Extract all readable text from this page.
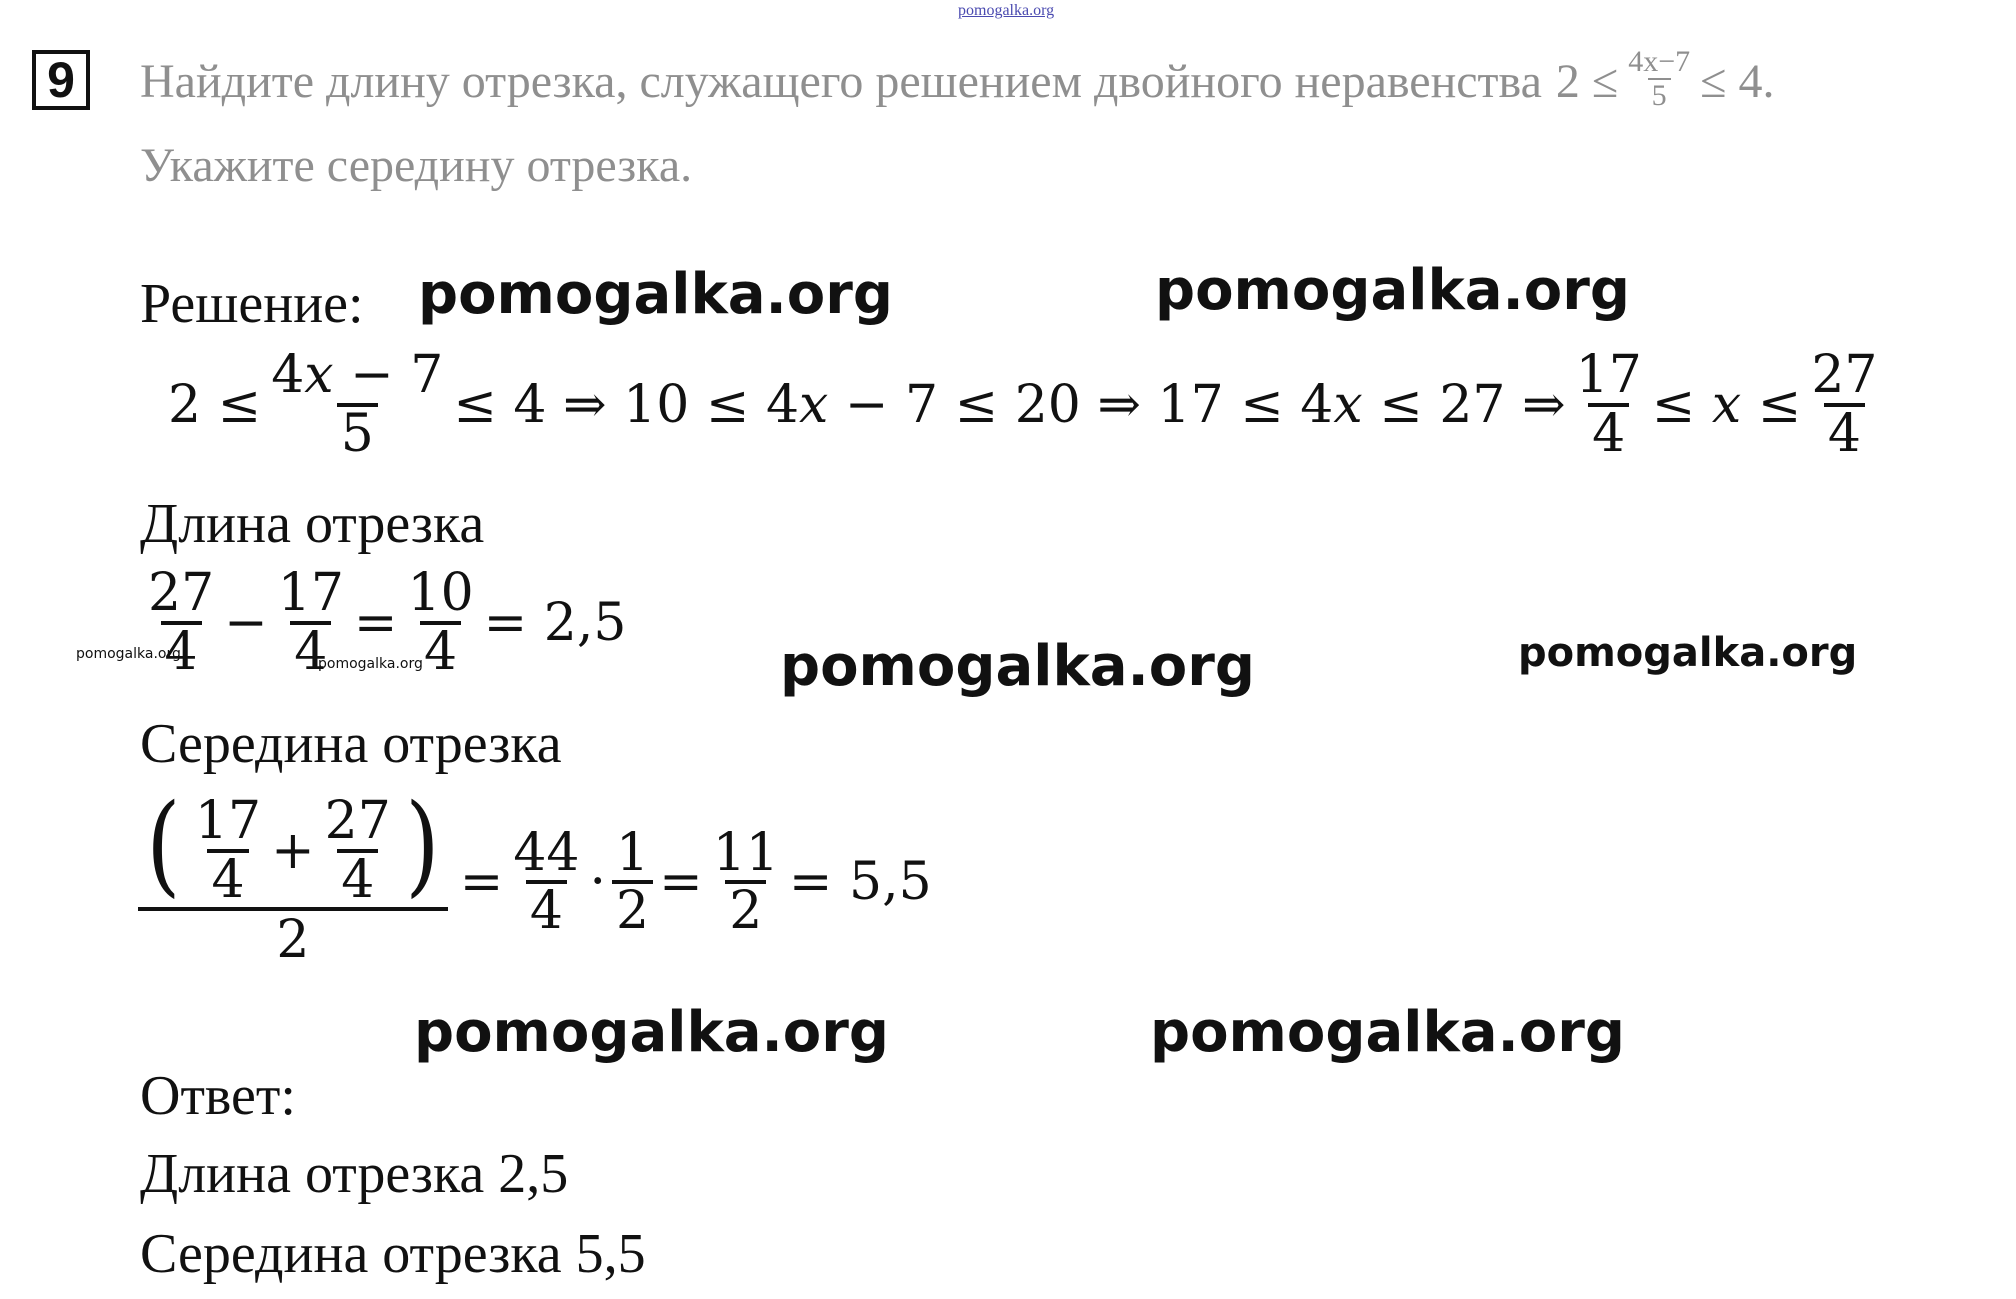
pomogalka.org
9 Найдите длину отрезка, служащего решением двойного неравенства $2 \le \frac{4x-7}{5} \le 4$.
Укажите середину отрезка.
Решение: pomogalka.org	pomogalka.org
$2 \le \frac{4x - 7}{5} \le 4$ ⇒ 10 ≤ 4x − 7 ≤ 20 ⇒ 17 ≤ 4x ≤ 27 ⇒ $\frac{17}{4} \le x \le \frac{27}{4}$
Длина отрезка
$\frac{27}{4} - \frac{17}{4} = \frac{10}{4} = 2,5$
pomogalka.org
pomogalka.org	pomogalka.org	pomogalka.org
Середина отрезка
( $\frac{17}{4} + \frac{27}{4}$ )
2
= $\frac{44}{4} \cdot \frac{1}{2} = \frac{11}{2} = 5,5$
pomogalka.org	pomogalka.org
Ответ:
Длина отрезка 2,5
Середина отрезка 5,5
